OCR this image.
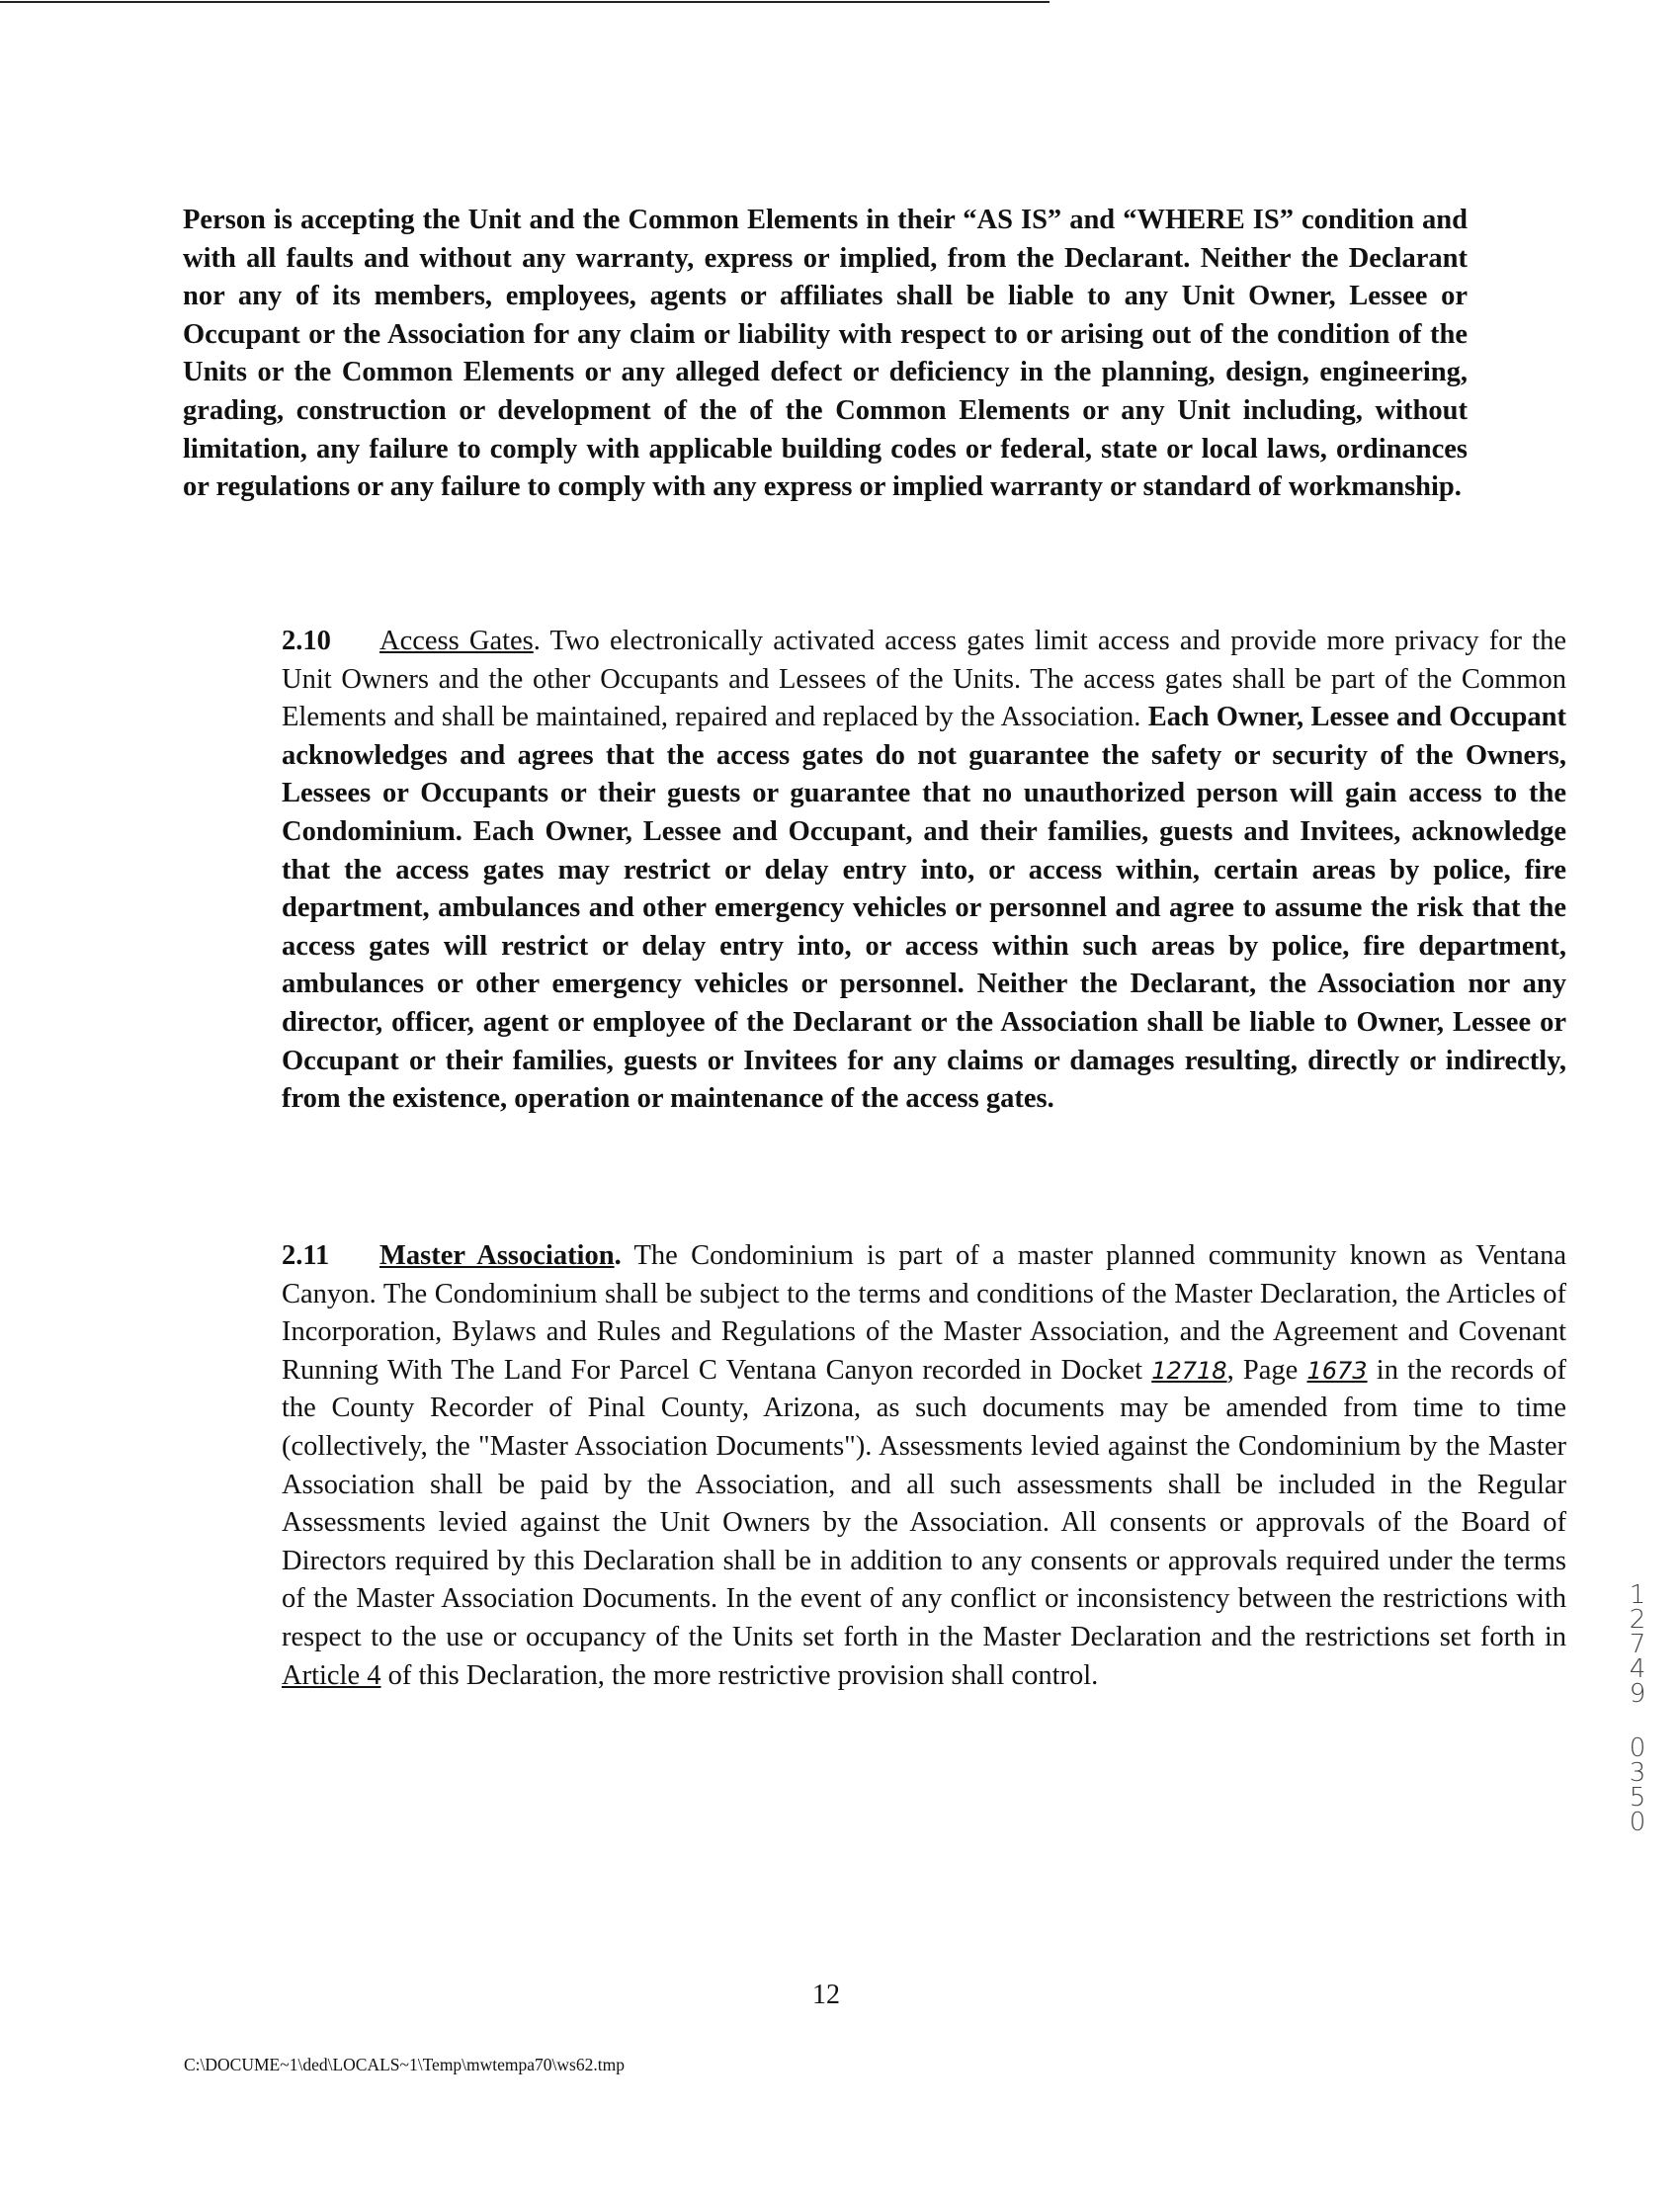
Person is accepting the Unit and the Common Elements in their “AS IS” and “WHERE IS” condition and with all faults and without any warranty, express or implied, from the Declarant. Neither the Declarant nor any of its members, employees, agents or affiliates shall be liable to any Unit Owner, Lessee or Occupant or the Association for any claim or liability with respect to or arising out of the condition of the Units or the Common Elements or any alleged defect or deficiency in the planning, design, engineering, grading, construction or development of the of the Common Elements or any Unit including, without limitation, any failure to comply with applicable building codes or federal, state or local laws, ordinances or regulations or any failure to comply with any express or implied warranty or standard of workmanship.
2.10 Access Gates. Two electronically activated access gates limit access and provide more privacy for the Unit Owners and the other Occupants and Lessees of the Units. The access gates shall be part of the Common Elements and shall be maintained, repaired and replaced by the Association. Each Owner, Lessee and Occupant acknowledges and agrees that the access gates do not guarantee the safety or security of the Owners, Lessees or Occupants or their guests or guarantee that no unauthorized person will gain access to the Condominium. Each Owner, Lessee and Occupant, and their families, guests and Invitees, acknowledge that the access gates may restrict or delay entry into, or access within, certain areas by police, fire department, ambulances and other emergency vehicles or personnel and agree to assume the risk that the access gates will restrict or delay entry into, or access within such areas by police, fire department, ambulances or other emergency vehicles or personnel. Neither the Declarant, the Association nor any director, officer, agent or employee of the Declarant or the Association shall be liable to Owner, Lessee or Occupant or their families, guests or Invitees for any claims or damages resulting, directly or indirectly, from the existence, operation or maintenance of the access gates.
2.11 Master Association. The Condominium is part of a master planned community known as Ventana Canyon. The Condominium shall be subject to the terms and conditions of the Master Declaration, the Articles of Incorporation, Bylaws and Rules and Regulations of the Master Association, and the Agreement and Covenant Running With The Land For Parcel C Ventana Canyon recorded in Docket 12718, Page 1673 in the records of the County Recorder of Pinal County, Arizona, as such documents may be amended from time to time (collectively, the "Master Association Documents"). Assessments levied against the Condominium by the Master Association shall be paid by the Association, and all such assessments shall be included in the Regular Assessments levied against the Unit Owners by the Association. All consents or approvals of the Board of Directors required by this Declaration shall be in addition to any consents or approvals required under the terms of the Master Association Documents. In the event of any conflict or inconsistency between the restrictions with respect to the use or occupancy of the Units set forth in the Master Declaration and the restrictions set forth in Article 4 of this Declaration, the more restrictive provision shall control.
12749
0350
12
C:\DOCUME~1\ded\LOCALS~1\Temp\mwtempa70\ws62.tmp
